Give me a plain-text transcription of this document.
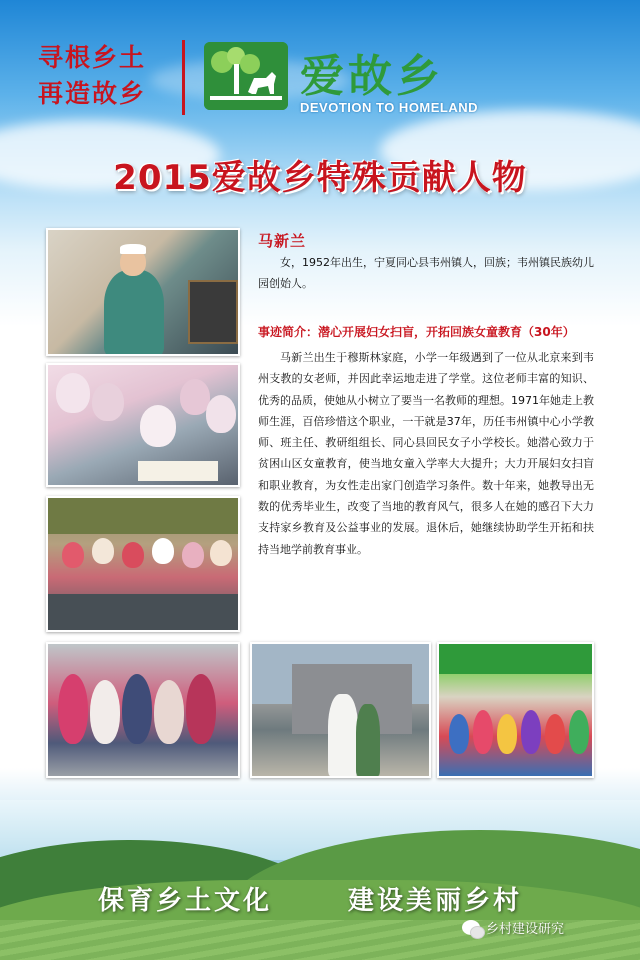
寻根乡土
再造故乡	爱故乡
DEVOTION TO HOMELAND
2015爱故乡特殊贡献人物
马新兰
女，1952年出生，宁夏同心县韦州镇人，回族；韦州镇民族幼儿园创始人。
事迹简介：潜心开展妇女扫盲，开拓回族女童教育（30年）
马新兰出生于穆斯林家庭，小学一年级遇到了一位从北京来到韦州支教的女老师，并因此幸运地走进了学堂。这位老师丰富的知识、优秀的品质，使她从小树立了要当一名教师的理想。1971年她走上教师生涯，百倍珍惜这个职业，一干就是37年，历任韦州镇中心小学教师、班主任、教研组组长、同心县回民女子小学校长。她潜心致力于贫困山区女童教育，使当地女童入学率大大提升；大力开展妇女扫盲和职业教育，为女性走出家门创造学习条件。数十年来，她教导出无数的优秀毕业生，改变了当地的教育风气，很多人在她的感召下大力支持家乡教育及公益事业的发展。退休后，她继续协助学生开拓和扶持当地学前教育事业。
保育乡土文化	建设美丽乡村
乡村建设研究
